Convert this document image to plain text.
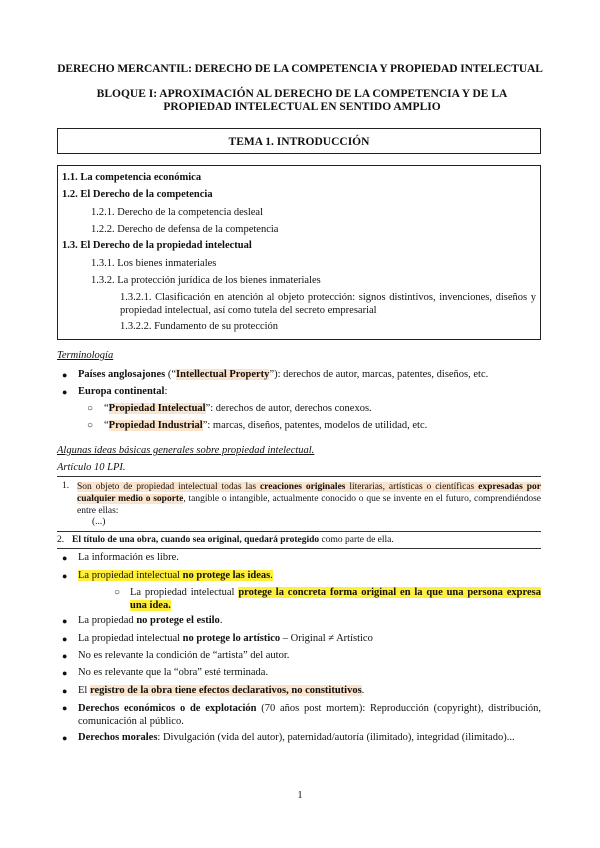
DERECHO MERCANTIL: DERECHO DE LA COMPETENCIA Y PROPIEDAD INTELECTUAL
BLOQUE I: APROXIMACIÓN AL DERECHO DE LA COMPETENCIA Y DE LA PROPIEDAD INTELECTUAL EN SENTIDO AMPLIO
TEMA 1. INTRODUCCIÓN
1.1. La competencia económica
1.2. El Derecho de la competencia
1.2.1. Derecho de la competencia desleal
1.2.2. Derecho de defensa de la competencia
1.3. El Derecho de la propiedad intelectual
1.3.1. Los bienes inmateriales
1.3.2. La protección jurídica de los bienes inmateriales
1.3.2.1. Clasificación en atención al objeto protección: signos distintivos, invenciones, diseños y propiedad intelectual, así como tutela del secreto empresarial
1.3.2.2. Fundamento de su protección
Terminología
● Países anglosajones (“Intellectual Property”): derechos de autor, marcas, patentes, diseños, etc.
● Europa continental:
○ “Propiedad Intelectual”: derechos de autor, derechos conexos.
○ “Propiedad Industrial”: marcas, diseños, patentes, modelos de utilidad, etc.
Algunas ideas básicas generales sobre propiedad intelectual.
Artículo 10 LPI.
1. Son objeto de propiedad intelectual todas las creaciones originales literarias, artísticas o científicas expresadas por cualquier medio o soporte, tangible o intangible, actualmente conocido o que se invente en el futuro, comprendiéndose entre ellas:
(...)
2. El título de una obra, cuando sea original, quedará protegido como parte de ella.
● La información es libre.
● La propiedad intelectual no protege las ideas.
○ La propiedad intelectual protege la concreta forma original en la que una persona expresa una idea.
● La propiedad no protege el estilo.
● La propiedad intelectual no protege lo artístico – Original ≠ Artístico
● No es relevante la condición de “artista” del autor.
● No es relevante que la “obra” esté terminada.
● El registro de la obra tiene efectos declarativos, no constitutivos.
● Derechos económicos o de explotación (70 años post mortem): Reproducción (copyright), distribución, comunicación al público.
● Derechos morales: Divulgación (vida del autor), paternidad/autoría (ilimitado), integridad (ilimitado)...
1
